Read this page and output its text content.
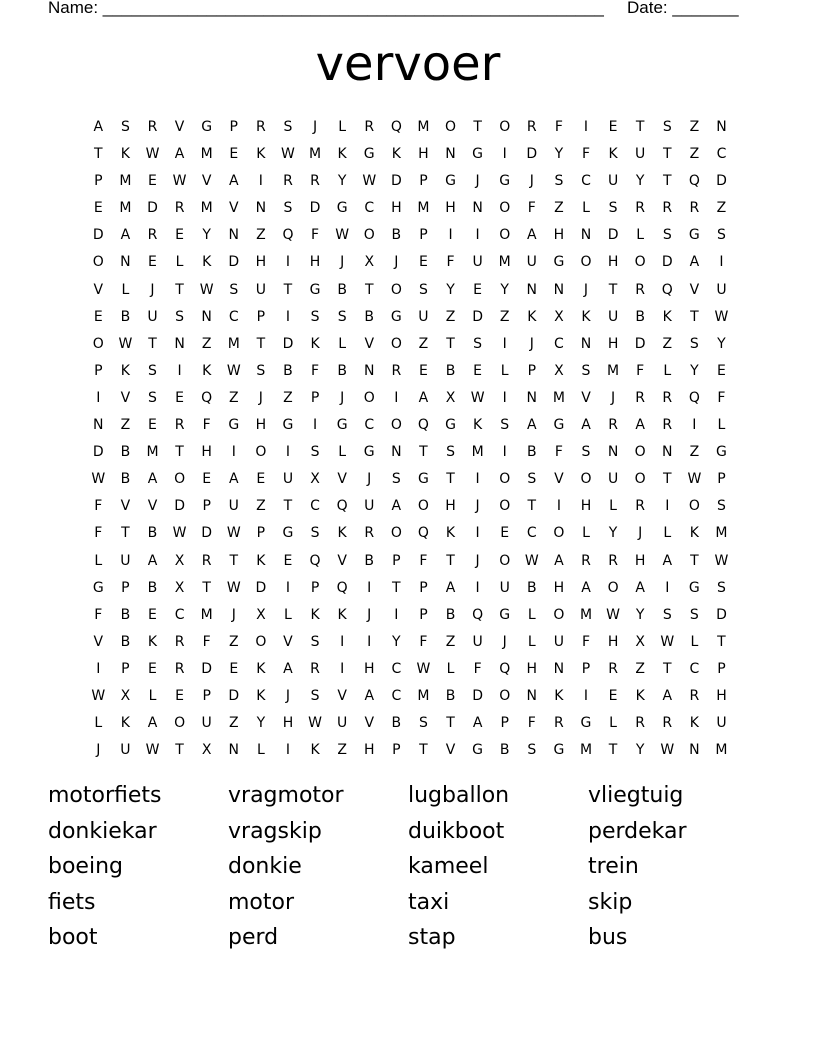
Name: _____________________________________________________ Date: _______
vervoer
A	S	R	V	G	P	R	S	J	L	R	Q	M	O	T	O	R	F	I	E	T	S	Z	N
T	K	W	A	M	E	K	W M	K	G	K	H	N	G	I	D	Y	F	K	U	T	Z	C
P	M	E	W	V	A	I	R	R	Y	W	D	P	G	J	G	J	S	C	U	Y	T	Q	D
E	M	D	R	M	V	N	S	D	G	C	H	M	H	N	O	F	Z	L	S	R	R	R	Z
D	A	R	E	Y	N	Z	Q	F	W	O	B	P	I	I	O	A	H	N	D	L	S	G	S
O	N	E	L	K	D	H	I	H	J	X	J	E	F	U	M	U	G	O	H	O	D	A	I
V	L	J	T	W	S	U	T	G	B	T	O	S	Y	E	Y	N	N	J	T	R	Q	V	U
E	B	U	S	N	C	P	I	S	S	B	G	U	Z	D	Z	K	X	K	U	B	K	T	W
O	W	T	N	Z	M	T	D	K	L	V	O	Z	T	S	I	J	C	N	H	D	Z	S	Y
P	K	S	I	K	W	S	B	F	B	N	R	E	B	E	L	P	X	S	M	F	L	Y	E
I	V	S	E	Q	Z	J	Z	P	J	O	I	A	X	W	I	N	M	V	J	R	R	Q	F
N	Z	E	R	F	G	H	G	I	G	C	O	Q	G	K	S	A	G	A	R	A	R	I	L
D	B	M	T	H	I	O	I	S	L	G	N	T	S	M	I	B	F	S	N	O	N	Z	G
W	B	A	O	E	A	E	U	X	V	J	S	G	T	I	O	S	V	O	U	O	T	W	P
F	V	V	D	P	U	Z	T	C	Q	U	A	O	H	J	O	T	I	H	L	R	I	O	S
F	T	B	W	D	W	P	G	S	K	R	O	Q	K	I	E	C	O	L	Y	J	L	K	M
L	U	A	X	R	T	K	E	Q	V	B	P	F	T	J	O	W	A	R	R	H	A	T	W
G	P	B	X	T	W	D	I	P	Q	I	T	P	A	I	U	B	H	A	O	A	I	G	S
F	B	E	C	M	J	X	L	K	K	J	I	P	B	Q	G	L	O	M W	Y	S	S	D
V	B	K	R	F	Z	O	V	S	I	I	Y	F	Z	U	J	L	U	F	H	X	W	L	T
I	P	E	R	D	E	K	A	R	I	H	C	W	L	F	Q	H	N	P	R	Z	T	C	P
W	X	L	E	P	D	K	J	S	V	A	C	M	B	D	O	N	K	I	E	K	A	R	H
L	K	A	O	U	Z	Y	H	W	U	V	B	S	T	A	P	F	R	G	L	R	R	K	U
J	U	W	T	X	N	L	I	K	Z	H	P	T	V	G	B	S	G	M	T	Y	W	N	M
motorfiets	vragmotor	lugballon	vliegtuig
donkiekar	vragskip	duikboot	perdekar
boeing	donkie	kameel	trein
fiets	motor	taxi	skip
boot	perd	stap	bus
